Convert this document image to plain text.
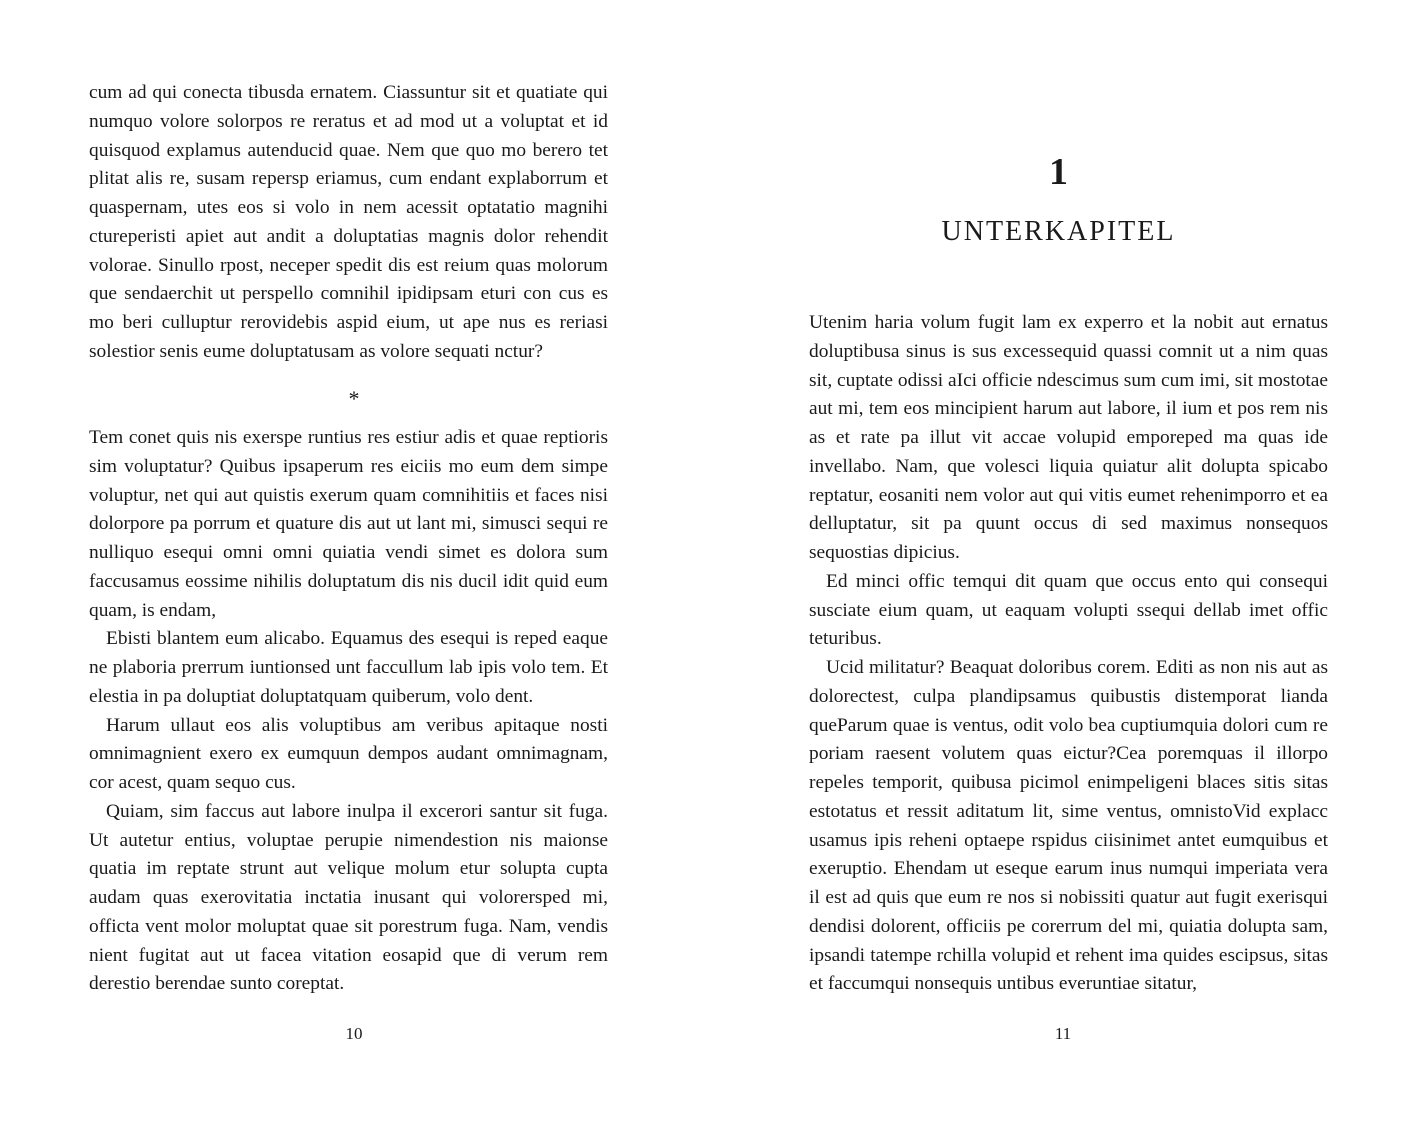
cum ad qui conecta tibusda ernatem. Ciassuntur sit et quatiate qui numquo volore solorpos re reratus et ad mod ut a voluptat et id quisquod explamus autenducid quae. Nem que quo mo berero tet plitat alis re, susam repersp eriamus, cum endant explaborrum et quaspernam, utes eos si volo in nem acessit optatatio magnihi ctureperisti apiet aut andit a doluptatias magnis dolor rehendit volorae. Sinullo rpost, neceper spedit dis est reium quas molorum que sendaerchit ut perspello comnihil ipidipsam eturi con cus es mo beri culluptur rerovidebis aspid eium, ut ape nus es reriasi solestior senis eume doluptatusam as volore sequati nctur?

*

Tem conet quis nis exerspe runtius res estiur adis et quae reptioris sim voluptatur? Quibus ipsaperum res eiciis mo eum dem simpe voluptur, net qui aut quistis exerum quam comnihitiis et faces nisi dolorpore pa porrum et quature dis aut ut lant mi, simusci sequi re nulliquo esequi omni omni quiatia vendi simet es dolora sum faccusamus eossime nihilis doluptatum dis nis ducil idit quid eum quam, is endam,

Ebisti blantem eum alicabo. Equamus des esequi is reped eaque ne plaboria prerrum iuntionsed unt faccullum lab ipis volo tem. Et elestia in pa doluptiat doluptatquam quiberum, volo dent.

Harum ullaut eos alis voluptibus am veribus apitaque nosti omnimagnient exero ex eumquun dempos audant omnimagnam, cor acest, quam sequo cus.

Quiam, sim faccus aut labore inulpa il excerori santur sit fuga. Ut autetur entius, voluptae perupie nimendestion nis maionse quatia im reptate strunt aut velique molum etur solupta cupta audam quas exerovitatia inctatia inusant qui volorersped mi, officta vent molor moluptat quae sit porestrum fuga. Nam, vendis nient fugitat aut ut facea vitation eosapid que di verum rem derestio berendae sunto coreptat.

10
1
UNTERKAPITEL

Utenim haria volum fugit lam ex experro et la nobit aut ernatus doluptibusa sinus is sus excessequid quassi comnit ut a nim quas sit, cuptate odissi aIci officie ndescimus sum cum imi, sit mostotae aut mi, tem eos mincipient harum aut labore, il ium et pos rem nis as et rate pa illut vit accae volupid emporeped ma quas ide invellabo. Nam, que volesci liquia quiatur alit dolupta spicabo reptatur, eosaniti nem volor aut qui vitis eumet rehenimporro et ea delluptatur, sit pa quunt occus di sed maximus nonsequos sequostias dipicius.

Ed minci offic temqui dit quam que occus ento qui consequi susciate eium quam, ut eaquam volupti ssequi dellab imet offic teturibus.

Ucid militatur? Beaquat doloribus corem. Editi as non nis aut as dolorectest, culpa plandipsamus quibustis distemporat lianda queParum quae is ventus, odit volo bea cuptiumquia dolori cum re poriam raesent volutem quas eictur?Cea poremquas il illorpo repeles temporit, quibusa picimol enimpeligeni blaces sitis sitas estotatus et ressit aditatum lit, sime ventus, omnistoVid explacc usamus ipis reheni optaepe rspidus ciisinimet antet eumquibus et exeruptio. Ehendam ut eseque earum inus numqui imperiata vera il est ad quis que eum re nos si nobissiti quatur aut fugit exerisqui dendisi dolorent, officiis pe corerrum del mi, quiatia dolupta sam, ipsandi tatempe rchilla volupid et rehent ima quides escipsus, sitas et faccumqui nonsequis untibus everuntiae sitatur,

11
